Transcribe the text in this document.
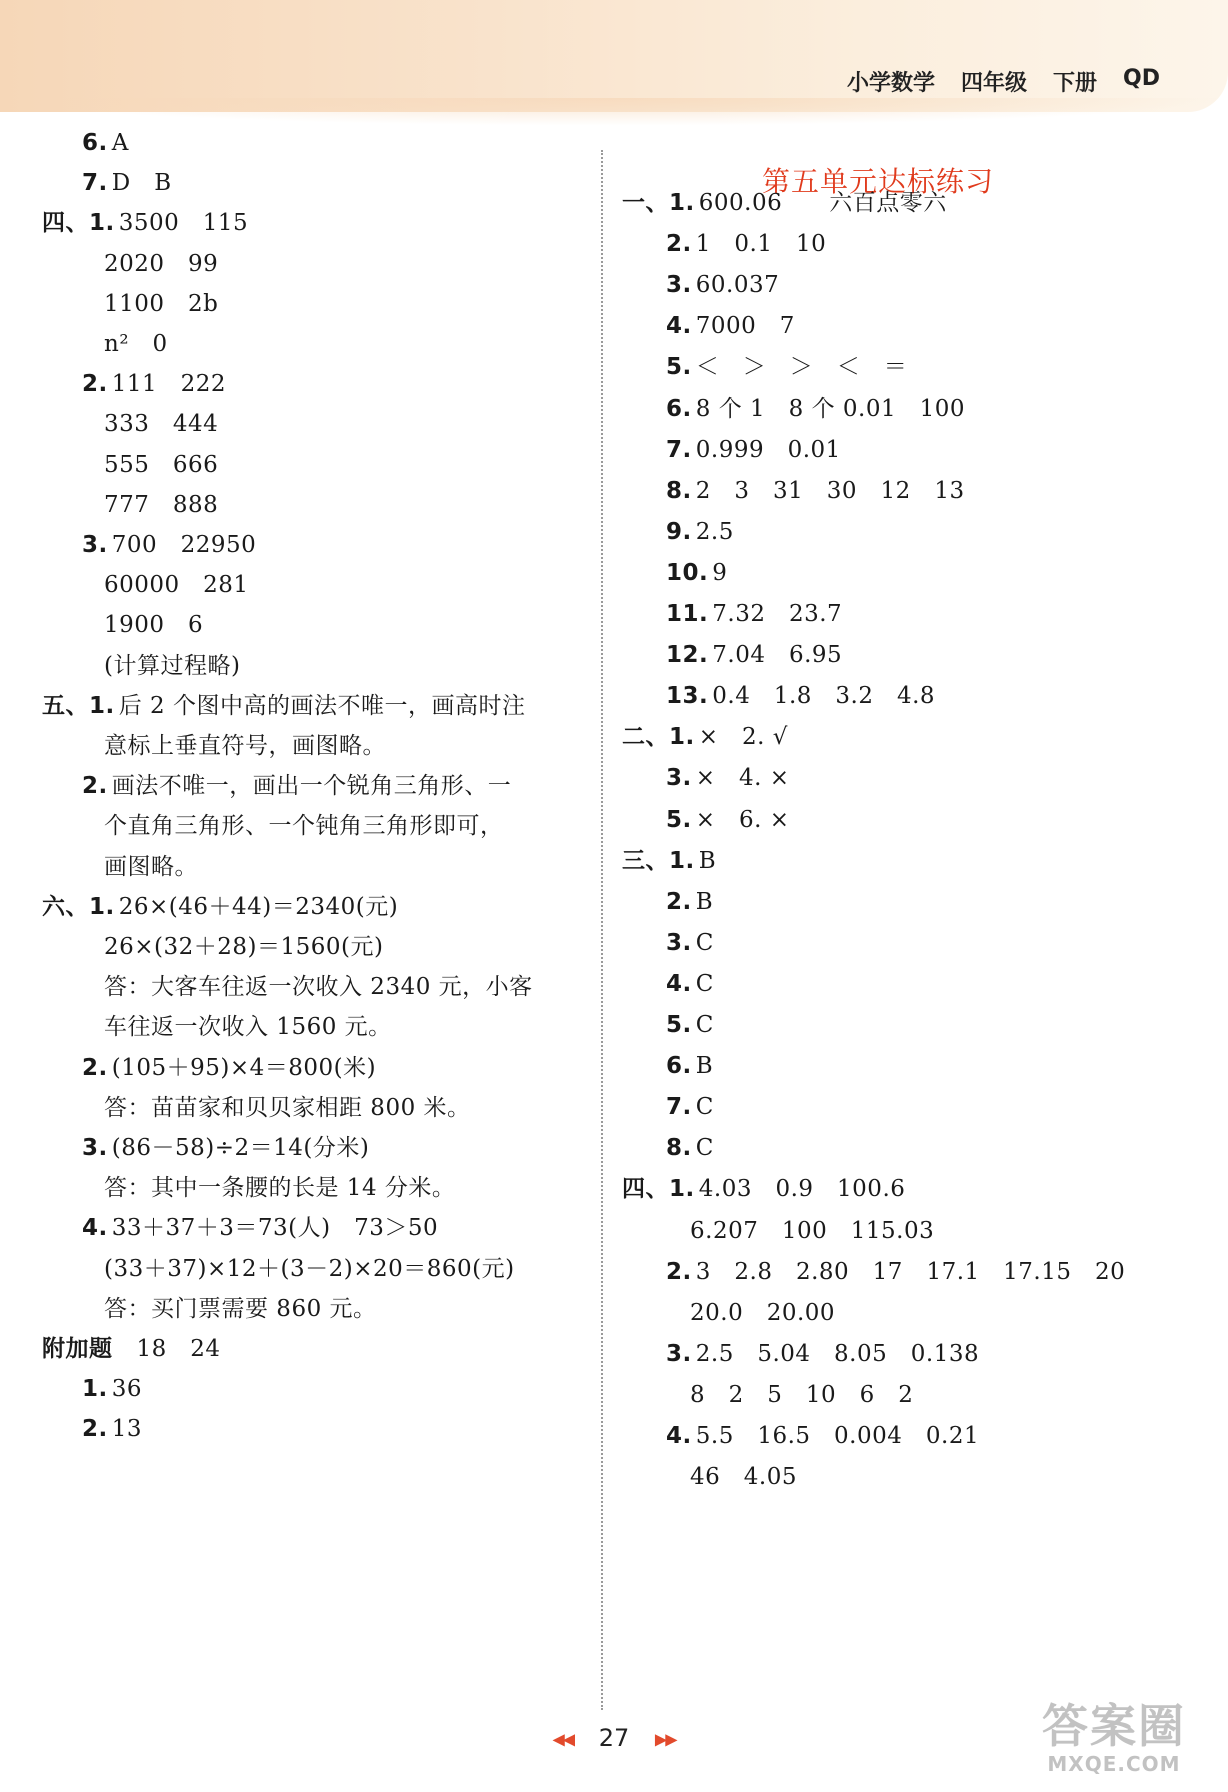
小学数学 四年级 下册 QD
6. A
7. D　B
四、1. 3500　115
2020　99
1100　2b
n²　0
2. 111　222
333　444
555　666
777　888
3. 700　22950
60000　281
1900　6
(计算过程略)
五、1. 后 2 个图中高的画法不唯一，画高时注
意标上垂直符号，画图略。
2. 画法不唯一，画出一个锐角三角形、一
个直角三角形、一个钝角三角形即可，
画图略。
六、1. 26×(46＋44)＝2340(元)
26×(32＋28)＝1560(元)
答：大客车往返一次收入 2340 元，小客
车往返一次收入 1560 元。
2. (105＋95)×4＝800(米)
答：苗苗家和贝贝家相距 800 米。
3. (86－58)÷2＝14(分米)
答：其中一条腰的长是 14 分米。
4. 33＋37＋3＝73(人)　73＞50
(33＋37)×12＋(3－2)×20＝860(元)
答：买门票需要 860 元。
附加题 18　24
1. 36
2. 13
第五单元达标练习
一、1. 600.06　　六百点零六
2. 1　0.1　10
3. 60.037
4. 7000　7
5. ＜　＞　＞　＜　＝
6. 8 个 1　8 个 0.01　100
7. 0.999　0.01
8. 2　3　31　30　12　13
9. 2.5
10. 9
11. 7.32　23.7
12. 7.04　6.95
13. 0.4　1.8　3.2　4.8
二、1. ×　2. √
3. ×　4. ×
5. ×　6. ×
三、1. B
2. B
3. C
4. C
5. C
6. B
7. C
8. C
四、1. 4.03　0.9　100.6
6.207　100　115.03
2. 3　2.8　2.80　17　17.1　17.15　20
20.0　20.00
3. 2.5　5.04　8.05　0.138
8　2　5　10　6　2
4. 5.5　16.5　0.004　0.21
46　4.05
◀◀ 27 ▶▶	答案圈
MXQE.COM
